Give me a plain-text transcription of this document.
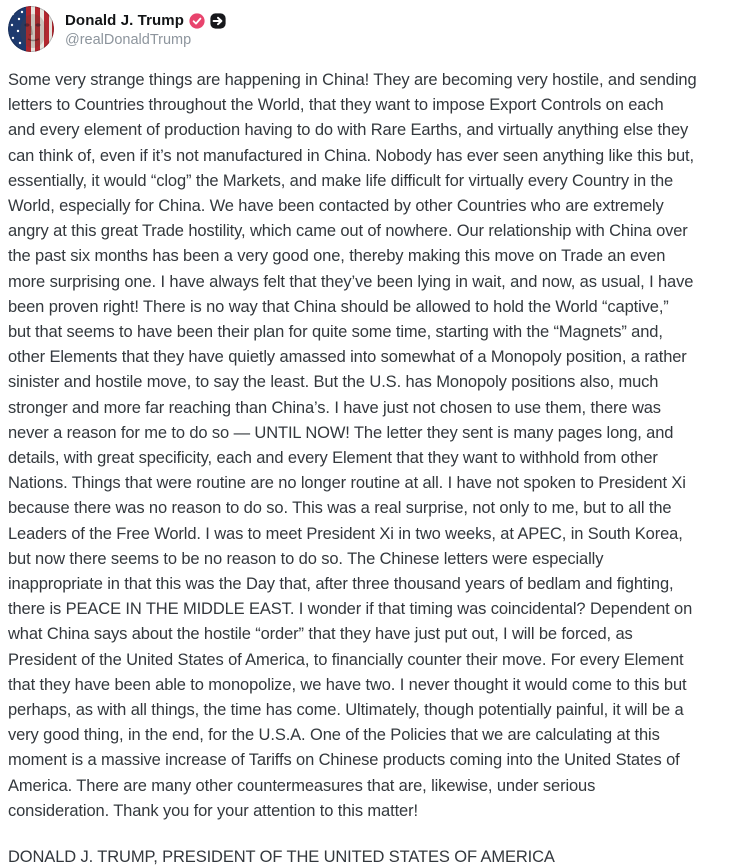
Donald J. Trump
@realDonaldTrump
Some very strange things are happening in China! They are becoming very hostile, and sending
letters to Countries throughout the World, that they want to impose Export Controls on each
and every element of production having to do with Rare Earths, and virtually anything else they
can think of, even if it’s not manufactured in China. Nobody has ever seen anything like this but,
essentially, it would “clog” the Markets, and make life difficult for virtually every Country in the
World, especially for China. We have been contacted by other Countries who are extremely
angry at this great Trade hostility, which came out of nowhere. Our relationship with China over
the past six months has been a very good one, thereby making this move on Trade an even
more surprising one. I have always felt that they’ve been lying in wait, and now, as usual, I have
been proven right! There is no way that China should be allowed to hold the World “captive,”
but that seems to have been their plan for quite some time, starting with the “Magnets” and,
other Elements that they have quietly amassed into somewhat of a Monopoly position, a rather
sinister and hostile move, to say the least. But the U.S. has Monopoly positions also, much
stronger and more far reaching than China’s. I have just not chosen to use them, there was
never a reason for me to do so — UNTIL NOW! The letter they sent is many pages long, and
details, with great specificity, each and every Element that they want to withhold from other
Nations. Things that were routine are no longer routine at all. I have not spoken to President Xi
because there was no reason to do so. This was a real surprise, not only to me, but to all the
Leaders of the Free World. I was to meet President Xi in two weeks, at APEC, in South Korea,
but now there seems to be no reason to do so. The Chinese letters were especially
inappropriate in that this was the Day that, after three thousand years of bedlam and fighting,
there is PEACE IN THE MIDDLE EAST. I wonder if that timing was coincidental? Dependent on
what China says about the hostile “order” that they have just put out, I will be forced, as
President of the United States of America, to financially counter their move. For every Element
that they have been able to monopolize, we have two. I never thought it would come to this but
perhaps, as with all things, the time has come. Ultimately, though potentially painful, it will be a
very good thing, in the end, for the U.S.A. One of the Policies that we are calculating at this
moment is a massive increase of Tariffs on Chinese products coming into the United States of
America. There are many other countermeasures that are, likewise, under serious
consideration. Thank you for your attention to this matter!
DONALD J. TRUMP, PRESIDENT OF THE UNITED STATES OF AMERICA
